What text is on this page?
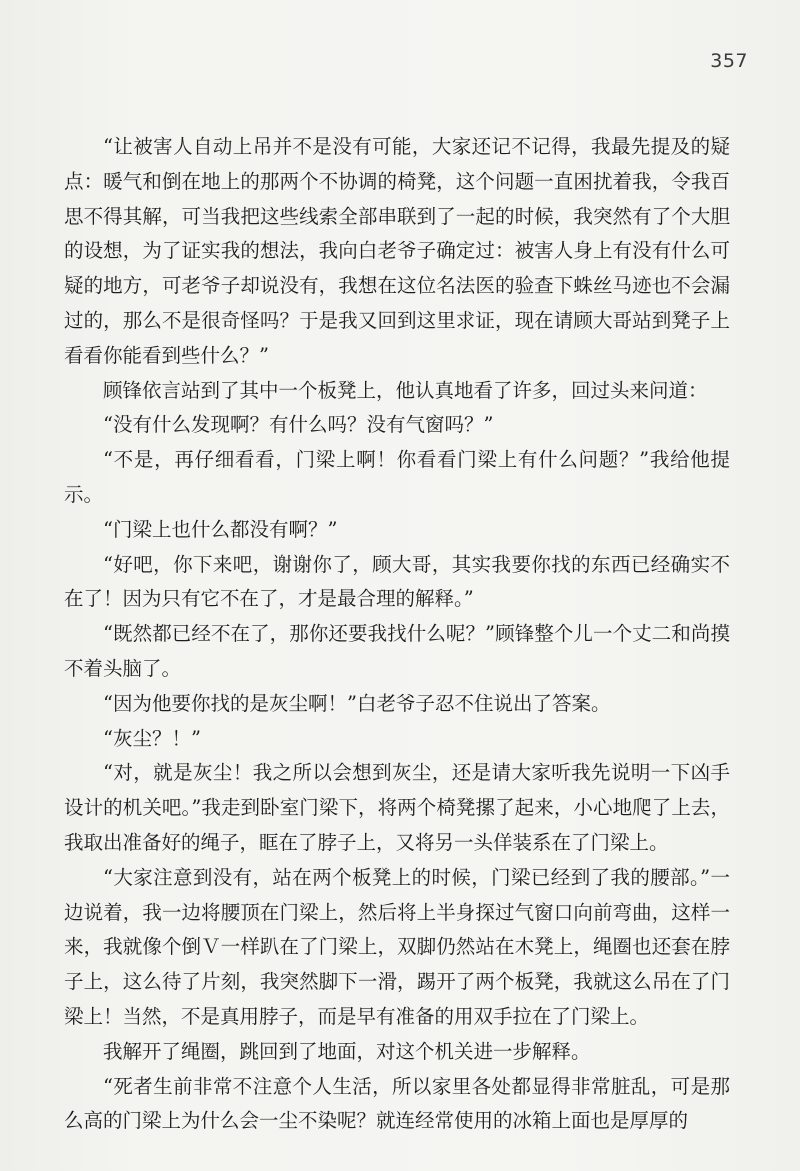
357

“让被害人自动上吊并不是没有可能，大家还记不记得，我最先提及的疑点：暖气和倒在地上的那两个不协调的椅凳，这个问题一直困扰着我，令我百思不得其解，可当我把这些线索全部串联到了一起的时候，我突然有了个大胆的设想，为了证实我的想法，我向白老爷子确定过：被害人身上有没有什么可疑的地方，可老爷子却说没有，我想在这位名法医的验查下蛛丝马迹也不会漏过的，那么不是很奇怪吗？于是我又回到这里求证，现在请顾大哥站到凳子上看看你能看到些什么？”

顾锋依言站到了其中一个板凳上，他认真地看了许多，回过头来问道：

“没有什么发现啊？有什么吗？没有气窗吗？”

“不是，再仔细看看，门梁上啊！你看看门梁上有什么问题？”我给他提示。

“门梁上也什么都没有啊？”

“好吧，你下来吧，谢谢你了，顾大哥，其实我要你找的东西已经确实不在了！因为只有它不在了，才是最合理的解释。”

“既然都已经不在了，那你还要我找什么呢？”顾锋整个儿一个丈二和尚摸不着头脑了。

“因为他要你找的是灰尘啊！”白老爷子忍不住说出了答案。

“灰尘？！”

“对，就是灰尘！我之所以会想到灰尘，还是请大家听我先说明一下凶手设计的机关吧。”我走到卧室门梁下，将两个椅凳摞了起来，小心地爬了上去，我取出准备好的绳子，眶在了脖子上，又将另一头佯装系在了门梁上。

“大家注意到没有，站在两个板凳上的时候，门梁已经到了我的腰部。”一边说着，我一边将腰顶在门梁上，然后将上半身探过气窗口向前弯曲，这样一来，我就像个倒Ｖ一样趴在了门梁上，双脚仍然站在木凳上，绳圈也还套在脖子上，这么待了片刻，我突然脚下一滑，踢开了两个板凳，我就这么吊在了门梁上！当然，不是真用脖子，而是早有准备的用双手拉在了门梁上。

我解开了绳圈，跳回到了地面，对这个机关进一步解释。

“死者生前非常不注意个人生活，所以家里各处都显得非常脏乱，可是那么高的门梁上为什么会一尘不染呢？就连经常使用的冰箱上面也是厚厚的
